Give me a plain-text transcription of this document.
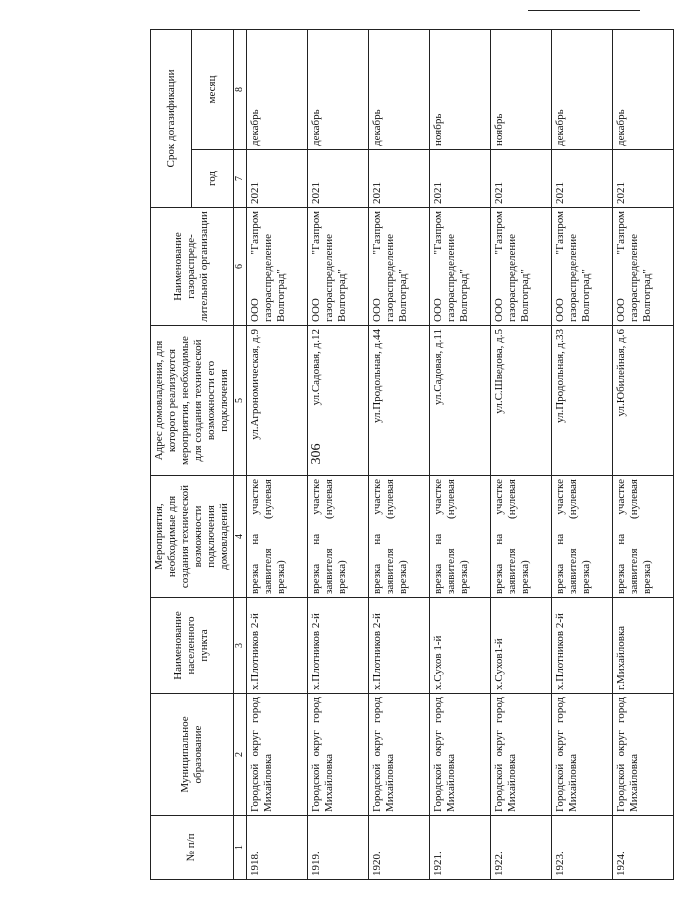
306
№ п/п	Муниципальное образование	Наименование населенного пункта	Мероприятия, необходимые для создания технической возможности подключения домовладений	Адрес домовладения, для которого реализуются мероприятия, необходимые для создания технической возможности его подключения	Наименование газораспреде-лительной организации	Срок догазификации	
						год	месяц
1	2	3	4	5	6	7	8
1918.	Городской округ город Михайловка	х.Плотников 2-й	врезка на участке заявителя (нулевая врезка)	ул.Агрономическая, д.9	ООО "Газпром газораспределение Волгоград"	2021	декабрь
1919.	Городской округ город Михайловка	х.Плотников 2-й	врезка на участке заявителя (нулевая врезка)	ул.Садовая, д.12	ООО "Газпром газораспределение Волгоград"	2021	декабрь
1920.	Городской округ город Михайловка	х.Плотников 2-й	врезка на участке заявителя (нулевая врезка)	ул.Продольная, д.44	ООО "Газпром газораспределение Волгоград"	2021	декабрь
1921.	Городской округ город Михайловка	х.Сухов 1-й	врезка на участке заявителя (нулевая врезка)	ул.Садовая, д.11	ООО "Газпром газораспределение Волгоград"	2021	ноябрь
1922.	Городской округ город Михайловка	х.Сухов1-й	врезка на участке заявителя (нулевая врезка)	ул.С.Шведова, д.5	ООО "Газпром газораспределение Волгоград"	2021	ноябрь
1923.	Городской округ город Михайловка	х.Плотников 2-й	врезка на участке заявителя (нулевая врезка)	ул.Продольная, д.33	ООО "Газпром газораспределение Волгоград"	2021	декабрь
1924.	Городской округ город Михайловка	г.Михайловка	врезка на участке заявителя (нулевая врезка)	ул.Юбилейная, д.6	ООО "Газпром газораспределение Волгоград"	2021	декабрь
